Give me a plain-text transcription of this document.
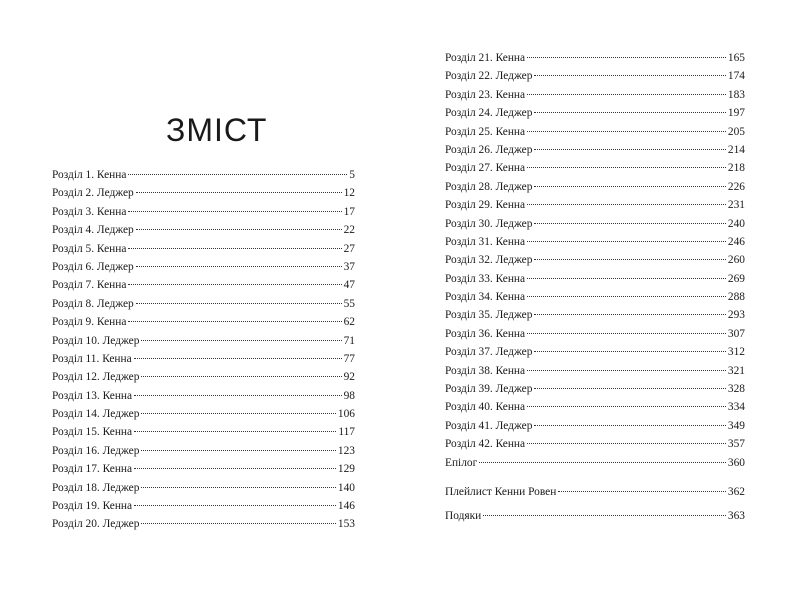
ЗМІСТ
Розділ 1. Кенна	5
Розділ 2. Леджер	12
Розділ 3. Кенна	17
Розділ 4. Леджер	22
Розділ 5. Кенна	27
Розділ 6. Леджер	37
Розділ 7. Кенна	47
Розділ 8. Леджер	55
Розділ 9. Кенна	62
Розділ 10. Леджер	71
Розділ 11. Кенна	77
Розділ 12. Леджер	92
Розділ 13. Кенна	98
Розділ 14. Леджер	106
Розділ 15. Кенна	117
Розділ 16. Леджер	123
Розділ 17. Кенна	129
Розділ 18. Леджер	140
Розділ 19. Кенна	146
Розділ 20. Леджер	153
Розділ 21. Кенна	165
Розділ 22. Леджер	174
Розділ 23. Кенна	183
Розділ 24. Леджер	197
Розділ 25. Кенна	205
Розділ 26. Леджер	214
Розділ 27. Кенна	218
Розділ 28. Леджер	226
Розділ 29. Кенна	231
Розділ 30. Леджер	240
Розділ 31. Кенна	246
Розділ 32. Леджер	260
Розділ 33. Кенна	269
Розділ 34. Кенна	288
Розділ 35. Леджер	293
Розділ 36. Кенна	307
Розділ 37. Леджер	312
Розділ 38. Кенна	321
Розділ 39. Леджер	328
Розділ 40. Кенна	334
Розділ 41. Леджер	349
Розділ 42. Кенна	357
Епілог	360
Плейлист Кенни Ровен	362
Подяки	363
